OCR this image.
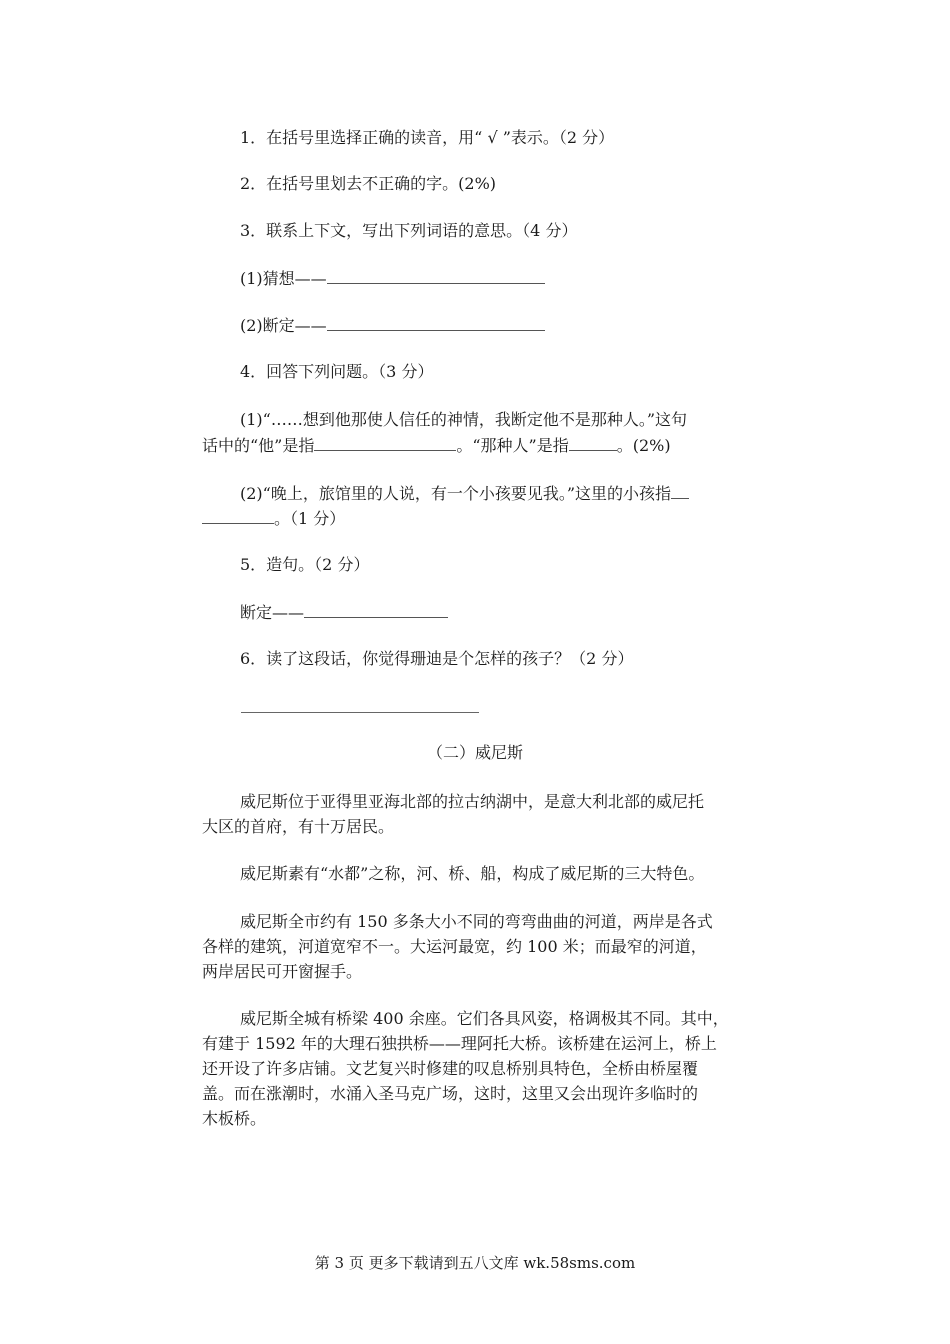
1．在括号里选择正确的读音，用“ √ ”表示。（2 分）

2．在括号里划去不正确的字。(2%)

3．联系上下文，写出下列词语的意思。（4 分）

(1)猜想——

(2)断定——

4．回答下列问题。（3 分）

(1)“……想到他那使人信任的神情，我断定他不是那种人。”这句

话中的“他”是指	。“那种人”是指	。(2%)

(2)“晚上，旅馆里的人说，有一个小孩要见我。”这里的小孩指

。（1 分）

5．造句。（2 分）

断定——

6．读了这段话，你觉得珊迪是个怎样的孩子？（2 分）

（二）威尼斯

威尼斯位于亚得里亚海北部的拉古纳湖中，是意大利北部的威尼托

大区的首府，有十万居民。

威尼斯素有“水都”之称，河、桥、船，构成了威尼斯的三大特色。

威尼斯全市约有 150 多条大小不同的弯弯曲曲的河道，两岸是各式

各样的建筑，河道宽窄不一。大运河最宽，约 100 米；而最窄的河道，

两岸居民可开窗握手。

威尼斯全城有桥梁 400 余座。它们各具风姿，格调极其不同。其中，

有建于 1592 年的大理石独拱桥——理阿托大桥。该桥建在运河上，桥上

还开设了许多店铺。文艺复兴时修建的叹息桥别具特色，全桥由桥屋覆

盖。而在涨潮时，水涌入圣马克广场，这时，这里又会出现许多临时的

木板桥。

第 3 页 更多下载请到五八文库 wk.58sms.com
